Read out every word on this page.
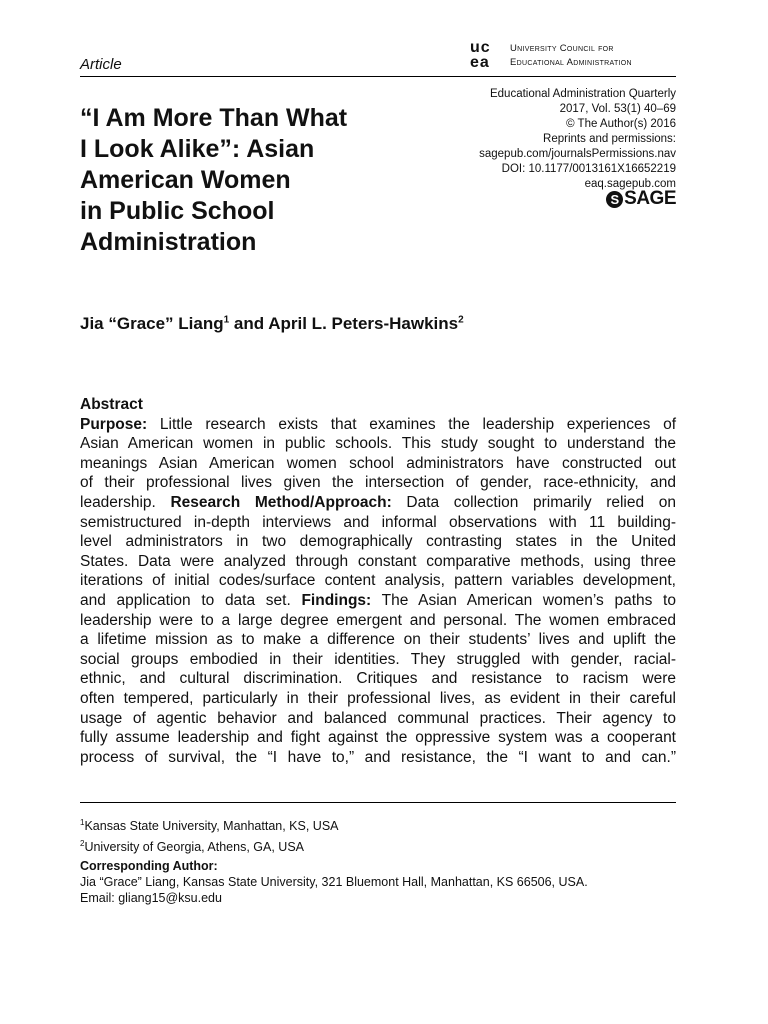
Article
uc
ea
University Council for
Educational Administration
Educational Administration Quarterly
2017, Vol. 53(1) 40–69
© The Author(s) 2016
Reprints and permissions:
sagepub.com/journalsPermissions.nav
DOI: 10.1177/0013161X16652219
eaq.sagepub.com
S SAGE
“I Am More Than What
I Look Alike”: Asian
American Women
in Public School
Administration
Jia “Grace” Liang$^1$ and April L. Peters-Hawkins$^2$
Abstract
Purpose: Little research exists that examines the leadership experiences of
Asian American women in public schools. This study sought to understand the
meanings Asian American women school administrators have constructed out
of their professional lives given the intersection of gender, race-ethnicity, and
leadership. Research Method/Approach: Data collection primarily relied on
semistructured in-depth interviews and informal observations with 11 building-
level administrators in two demographically contrasting states in the United
States. Data were analyzed through constant comparative methods, using three
iterations of initial codes/surface content analysis, pattern variables development,
and application to data set. Findings: The Asian American women’s paths to
leadership were to a large degree emergent and personal. The women embraced
a lifetime mission as to make a difference on their students’ lives and uplift the
social groups embodied in their identities. They struggled with gender, racial-
ethnic, and cultural discrimination. Critiques and resistance to racism were
often tempered, particularly in their professional lives, as evident in their careful
usage of agentic behavior and balanced communal practices. Their agency to
fully assume leadership and fight against the oppressive system was a cooperant
process of survival, the “I have to,” and resistance, the “I want to and can.”
$^1$Kansas State University, Manhattan, KS, USA
$^2$University of Georgia, Athens, GA, USA
Corresponding Author:
Jia “Grace” Liang, Kansas State University, 321 Bluemont Hall, Manhattan, KS 66506, USA.
Email: gliang15@ksu.edu
